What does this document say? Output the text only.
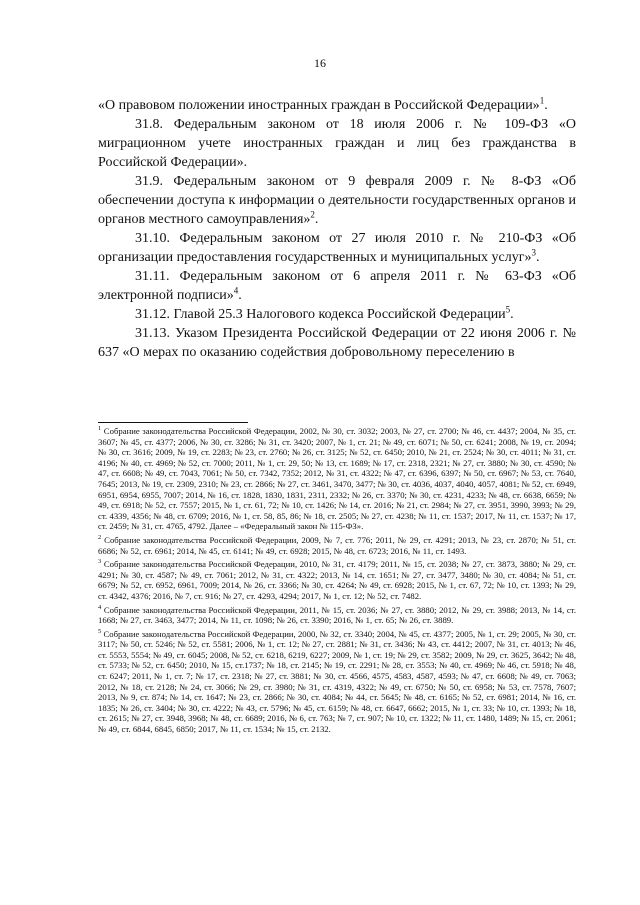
16

«О правовом положении иностранных граждан в Российской Федерации»$^1$.

31.8. Федеральным законом от 18 июля 2006 г. № 109-ФЗ «О миграционном учете иностранных граждан и лиц без гражданства в Российской Федерации».

31.9. Федеральным законом от 9 февраля 2009 г. № 8-ФЗ «Об обеспечении доступа к информации о деятельности государственных органов и органов местного самоуправления»$^2$.

31.10. Федеральным законом от 27 июля 2010 г. № 210-ФЗ «Об организации предоставления государственных и муниципальных услуг»$^3$.

31.11. Федеральным законом от 6 апреля 2011 г. № 63-ФЗ «Об электронной подписи»$^4$.

31.12. Главой 25.3 Налогового кодекса Российской Федерации$^5$.

31.13. Указом Президента Российской Федерации от 22 июня 2006 г. № 637 «О мерах по оказанию содействия добровольному переселению в

$^1$ Собрание законодательства Российской Федерации, 2002, № 30, ст. 3032; 2003, № 27, ст. 2700; № 46, ст. 4437; 2004, № 35, ст. 3607; № 45, ст. 4377; 2006, № 30, ст. 3286; № 31, ст. 3420; 2007, № 1, ст. 21; № 49, ст. 6071; № 50, ст. 6241; 2008, № 19, ст. 2094; № 30, ст. 3616; 2009, № 19, ст. 2283; № 23, ст. 2760; № 26, ст. 3125; № 52, ст. 6450; 2010, № 21, ст. 2524; № 30, ст. 4011; № 31, ст. 4196; № 40, ст. 4969; № 52, ст. 7000; 2011, № 1, ст. 29, 50; № 13, ст. 1689; № 17, ст. 2318, 2321; № 27, ст. 3880; № 30, ст. 4590; № 47, ст. 6608; № 49, ст. 7043, 7061; № 50, ст. 7342, 7352; 2012, № 31, ст. 4322; № 47, ст. 6396, 6397; № 50, ст. 6967; № 53, ст. 7640, 7645; 2013, № 19, ст. 2309, 2310; № 23, ст. 2866; № 27, ст. 3461, 3470, 3477; № 30, ст. 4036, 4037, 4040, 4057, 4081; № 52, ст. 6949, 6951, 6954, 6955, 7007; 2014, № 16, ст. 1828, 1830, 1831, 2311, 2332; № 26, ст. 3370; № 30, ст. 4231, 4233; № 48, ст. 6638, 6659; № 49, ст. 6918; № 52, ст. 7557; 2015, № 1, ст. 61, 72; № 10, ст. 1426; № 14, ст. 2016; № 21, ст. 2984; № 27, ст. 3951, 3990, 3993; № 29, ст. 4339, 4356; № 48, ст. 6709; 2016, № 1, ст. 58, 85, 86; № 18, ст. 2505; № 27, ст. 4238; № 11, ст. 1537; 2017, № 11, ст. 1537; № 17, ст. 2459; № 31, ст. 4765, 4792. Далее – «Федеральный закон № 115-ФЗ».

$^2$ Собрание законодательства Российской Федерации, 2009, № 7, ст. 776; 2011, № 29, ст. 4291; 2013, № 23, ст. 2870; № 51, ст. 6686; № 52, ст. 6961; 2014, № 45, ст. 6141; № 49, ст. 6928; 2015, № 48, ст. 6723; 2016, № 11, ст. 1493.

$^3$ Собрание законодательства Российской Федерации, 2010, № 31, ст. 4179; 2011, № 15, ст. 2038; № 27, ст. 3873, 3880; № 29, ст. 4291; № 30, ст. 4587; № 49, ст. 7061; 2012, № 31, ст. 4322; 2013, № 14, ст. 1651; № 27, ст. 3477, 3480; № 30, ст. 4084; № 51, ст. 6679; № 52, ст. 6952, 6961, 7009; 2014, № 26, ст. 3366; № 30, ст. 4264; № 49, ст. 6928; 2015, № 1, ст. 67, 72; № 10, ст. 1393; № 29, ст. 4342, 4376; 2016, № 7, ст. 916; № 27, ст. 4293, 4294; 2017, № 1, ст. 12; № 52, ст. 7482.

$^4$ Собрание законодательства Российской Федерации, 2011, № 15, ст. 2036; № 27, ст. 3880; 2012, № 29, ст. 3988; 2013, № 14, ст. 1668; № 27, ст. 3463, 3477; 2014, № 11, ст. 1098; № 26, ст. 3390; 2016, № 1, ст. 65; № 26, ст. 3889.

$^5$ Собрание законодательства Российской Федерации, 2000, № 32, ст. 3340; 2004, № 45, ст. 4377; 2005, № 1, ст. 29; 2005, № 30, ст. 3117; № 50, ст. 5246; № 52, ст. 5581; 2006, № 1, ст. 12; № 27, ст. 2881; № 31, ст. 3436; № 43, ст. 4412; 2007, № 31, ст. 4013; № 46, ст. 5553, 5554; № 49, ст. 6045; 2008, № 52, ст. 6218, 6219, 6227; 2009, № 1, ст. 19; № 29, ст. 3582; 2009, № 29, ст. 3625, 3642; № 48, ст. 5733; № 52, ст. 6450; 2010, № 15, ст.1737; № 18, ст. 2145; № 19, ст. 2291; № 28, ст. 3553; № 40, ст. 4969; № 46, ст. 5918; № 48, ст. 6247; 2011, № 1, ст. 7; № 17, ст. 2318; № 27, ст. 3881; № 30, ст. 4566, 4575, 4583, 4587, 4593; № 47, ст. 6608; № 49, ст. 7063; 2012, № 18, ст. 2128; № 24, ст. 3066; № 29, ст. 3980; № 31, ст. 4319, 4322; № 49, ст. 6750; № 50, ст. 6958; № 53, ст. 7578, 7607; 2013, № 9, ст. 874; № 14, ст. 1647; № 23, ст. 2866; № 30, ст. 4084; № 44, ст. 5645; № 48, ст. 6165; № 52, ст. 6981; 2014, № 16, ст. 1835; № 26, ст. 3404; № 30, ст. 4222; № 43, ст. 5796; № 45, ст. 6159; № 48, ст. 6647, 6662; 2015, № 1, ст. 33; № 10, ст. 1393; № 18, ст. 2615; № 27, ст. 3948, 3968; № 48, ст. 6689; 2016, № 6, ст. 763; № 7, ст. 907; № 10, ст. 1322; № 11, ст. 1480, 1489; № 15, ст. 2061; № 49, ст. 6844, 6845, 6850; 2017, № 11, ст. 1534; № 15, ст. 2132.
